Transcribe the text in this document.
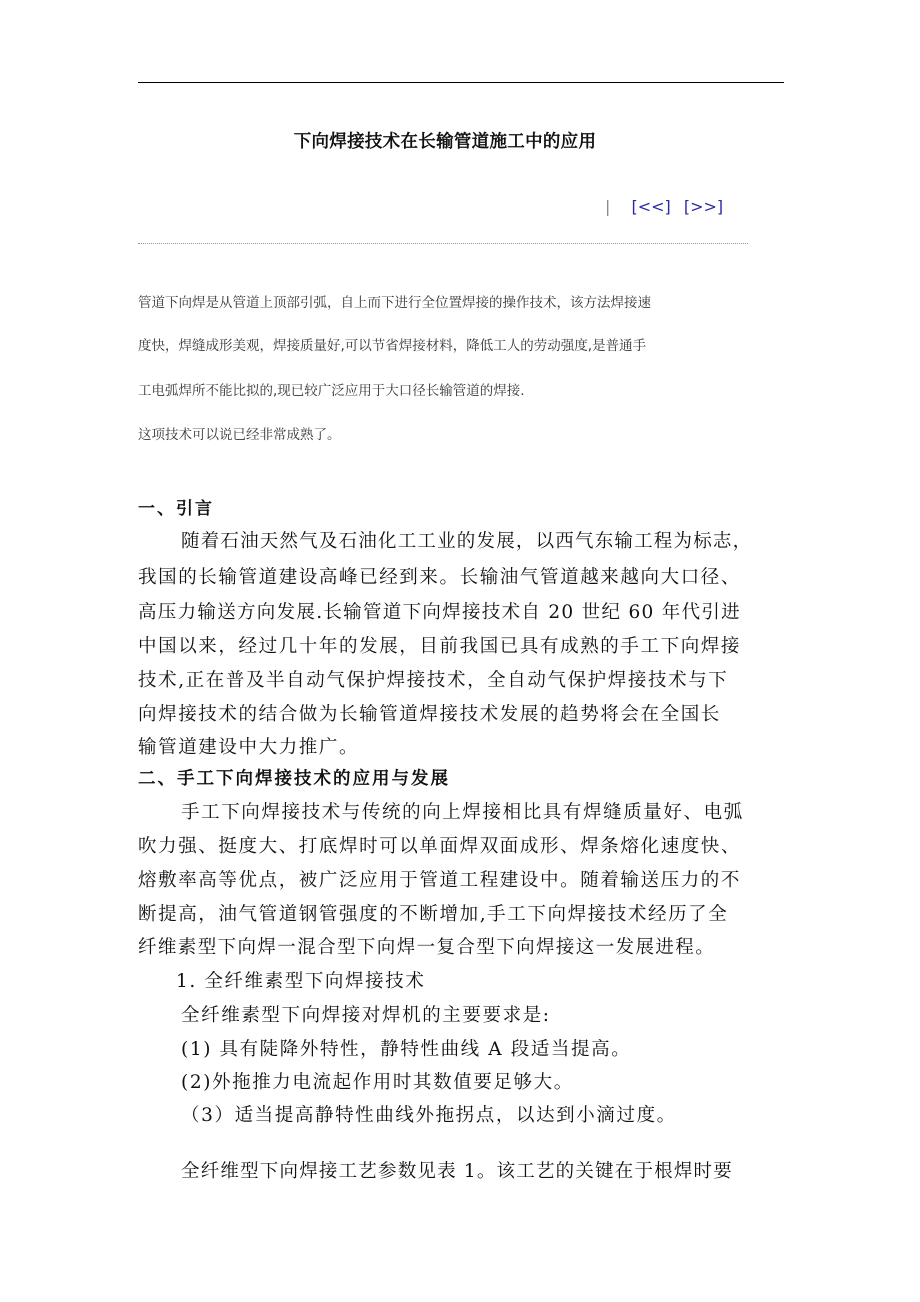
下向焊接技术在长输管道施工中的应用
| [<<] [>>]

管道下向焊是从管道上顶部引弧，自上而下进行全位置焊接的操作技术，该方法焊接速

度快，焊缝成形美观，焊接质量好,可以节省焊接材料，降低工人的劳动强度,是普通手

工电弧焊所不能比拟的,现已较广泛应用于大口径长输管道的焊接.

这项技术可以说已经非常成熟了。

一、引言

随着石油天然气及石油化工工业的发展，以西气东输工程为标志，

我国的长输管道建设高峰已经到来。长输油气管道越来越向大口径、

高压力输送方向发展.长输管道下向焊接技术自 20 世纪 60 年代引进

中国以来，经过几十年的发展，目前我国已具有成熟的手工下向焊接

技术,正在普及半自动气保护焊接技术，全自动气保护焊接技术与下

向焊接技术的结合做为长输管道焊接技术发展的趋势将会在全国长

输管道建设中大力推广。

二、手工下向焊接技术的应用与发展

手工下向焊接技术与传统的向上焊接相比具有焊缝质量好、电弧

吹力强、挺度大、打底焊时可以单面焊双面成形、焊条熔化速度快、

熔敷率高等优点，被广泛应用于管道工程建设中。随着输送压力的不

断提高，油气管道钢管强度的不断增加,手工下向焊接技术经历了全

纤维素型下向焊一混合型下向焊一复合型下向焊接这一发展进程。

1. 全纤维素型下向焊接技术

全纤维素型下向焊接对焊机的主要要求是:

(1) 具有陡降外特性，静特性曲线 A 段适当提高。

(2)外拖推力电流起作用时其数值要足够大。

（3）适当提高静特性曲线外拖拐点，以达到小滴过度。

全纤维型下向焊接工艺参数见表 1。该工艺的关键在于根焊时要
